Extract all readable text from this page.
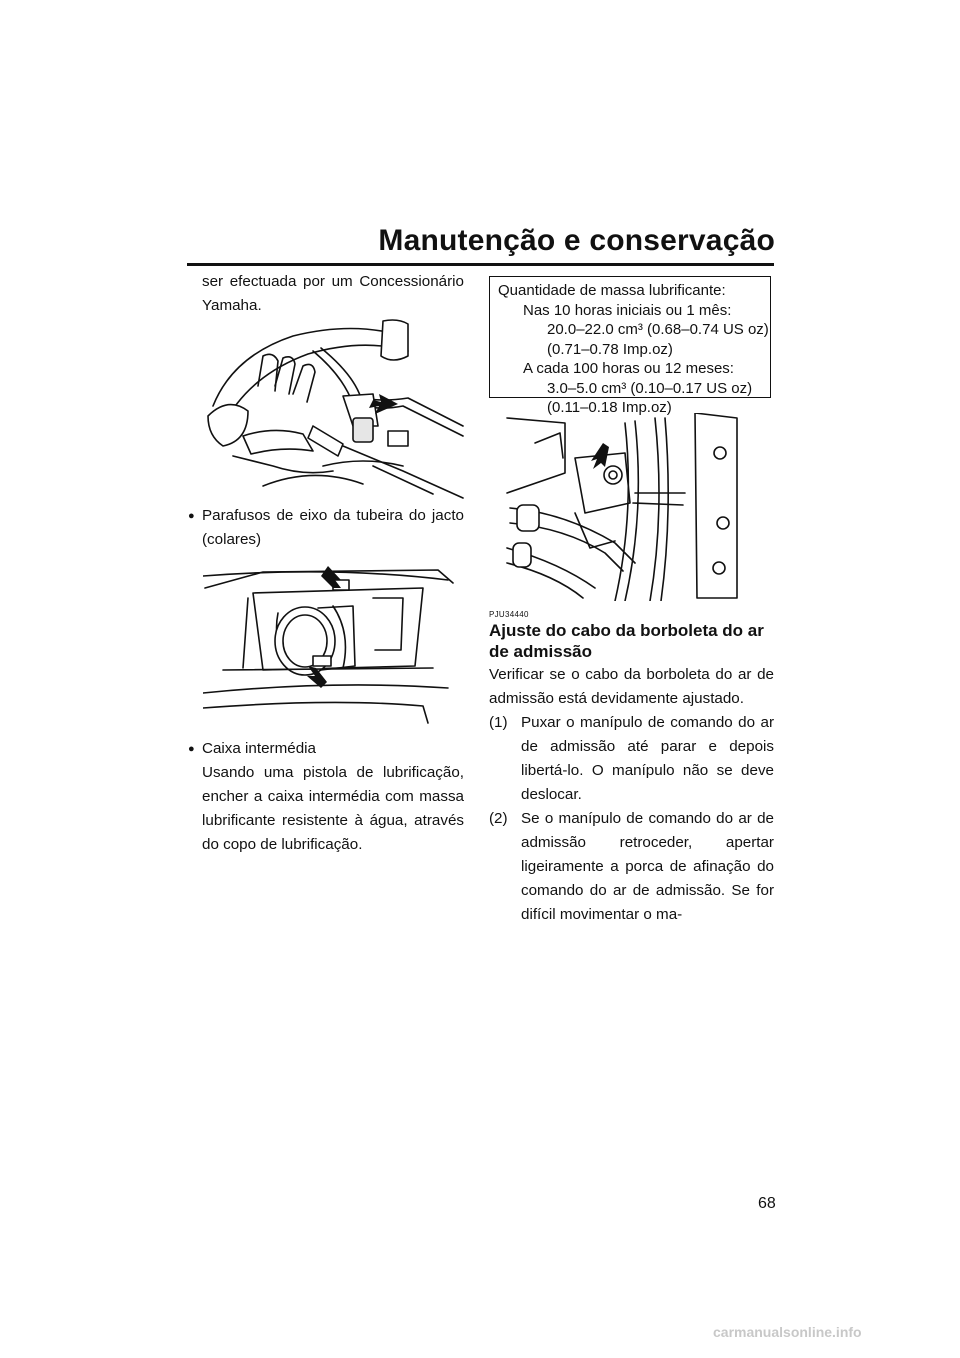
Manutenção e conservação

ser efectuada por um Concessionário Yamaha.

● Parafusos de eixo da tubeira do jacto (colares)

● Caixa intermédia

Usando uma pistola de lubrificação, encher a caixa intermédia com massa lubrificante resistente à água, através do copo de lubrificação.

Quantidade de massa lubrificante:
Nas 10 horas iniciais ou 1 mês:
20.0–22.0 cm³ (0.68–0.74 US oz)
(0.71–0.78 Imp.oz)
A cada 100 horas ou 12 meses:
3.0–5.0 cm³ (0.10–0.17 US oz)
(0.11–0.18 Imp.oz)
PJU34440
Ajuste do cabo da borboleta do ar de admissão

Verificar se o cabo da borboleta do ar de admissão está devidamente ajustado.

(1) Puxar o manípulo de comando do ar de admissão até parar e depois libertá-lo. O manípulo não se deve deslocar.
(2) Se o manípulo de comando do ar de admissão retroceder, apertar ligeiramente a porca de afinação do comando do ar de admissão. Se for difícil movimentar o ma-
68
carmanualsonline.info
